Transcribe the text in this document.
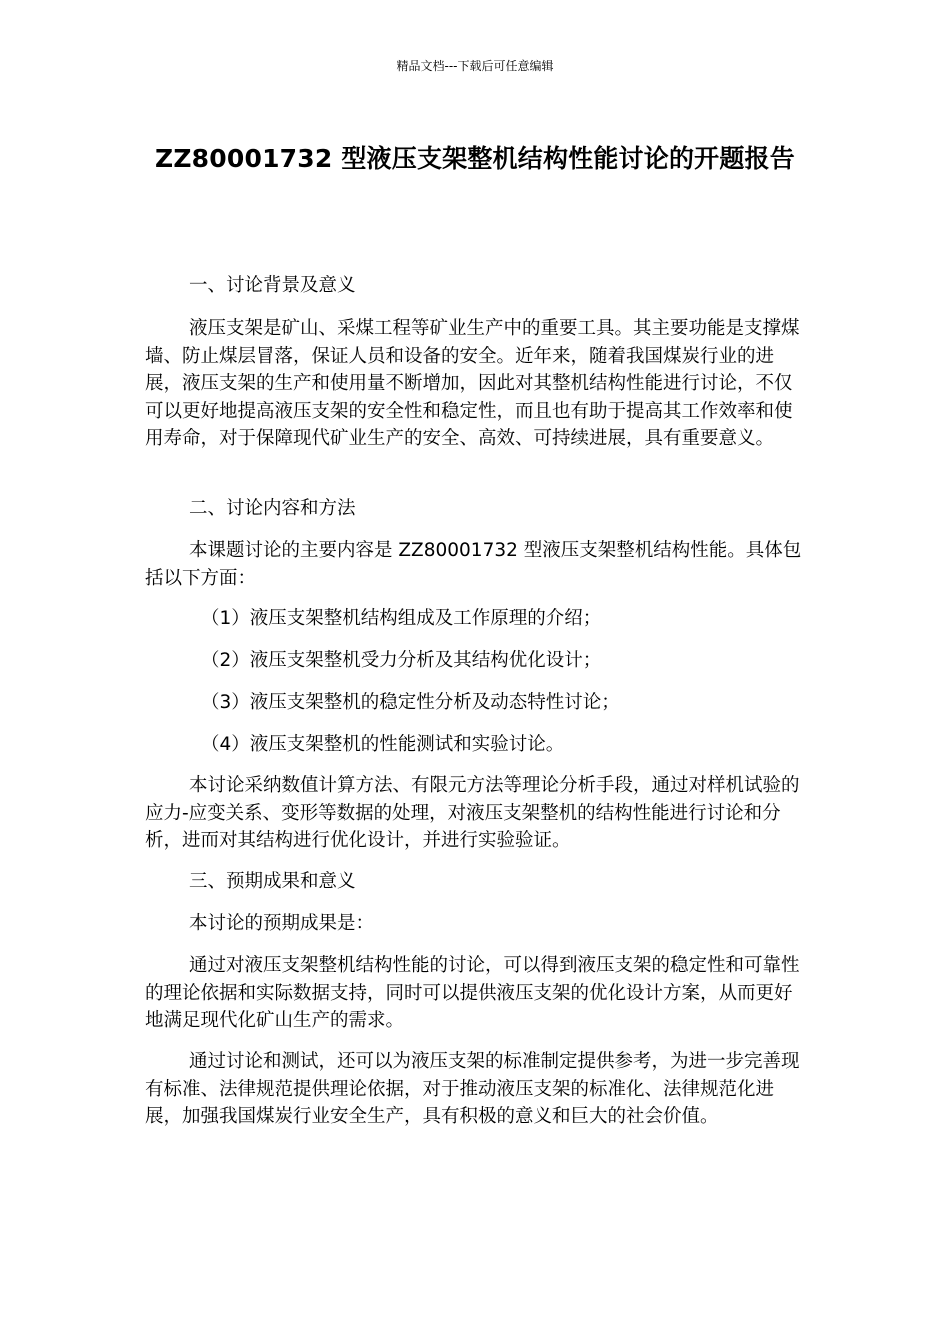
精品文档---下载后可任意编辑
ZZ80001732 型液压支架整机结构性能讨论的开题报告

一、讨论背景及意义

液压支架是矿山、采煤工程等矿业生产中的重要工具。其主要功能是支撑煤墙、防止煤层冒落，保证人员和设备的安全。近年来，随着我国煤炭行业的进展，液压支架的生产和使用量不断增加，因此对其整机结构性能进行讨论，不仅可以更好地提高液压支架的安全性和稳定性，而且也有助于提高其工作效率和使用寿命，对于保障现代矿业生产的安全、高效、可持续进展，具有重要意义。

二、讨论内容和方法

本课题讨论的主要内容是 ZZ80001732 型液压支架整机结构性能。具体包括以下方面：

（1）液压支架整机结构组成及工作原理的介绍；

（2）液压支架整机受力分析及其结构优化设计；

（3）液压支架整机的稳定性分析及动态特性讨论；

（4）液压支架整机的性能测试和实验讨论。

本讨论采纳数值计算方法、有限元方法等理论分析手段，通过对样机试验的应力-应变关系、变形等数据的处理，对液压支架整机的结构性能进行讨论和分析，进而对其结构进行优化设计，并进行实验验证。

三、预期成果和意义

本讨论的预期成果是：

通过对液压支架整机结构性能的讨论，可以得到液压支架的稳定性和可靠性的理论依据和实际数据支持，同时可以提供液压支架的优化设计方案，从而更好地满足现代化矿山生产的需求。

通过讨论和测试，还可以为液压支架的标准制定提供参考，为进一步完善现有标准、法律规范提供理论依据，对于推动液压支架的标准化、法律规范化进展，加强我国煤炭行业安全生产，具有积极的意义和巨大的社会价值。
